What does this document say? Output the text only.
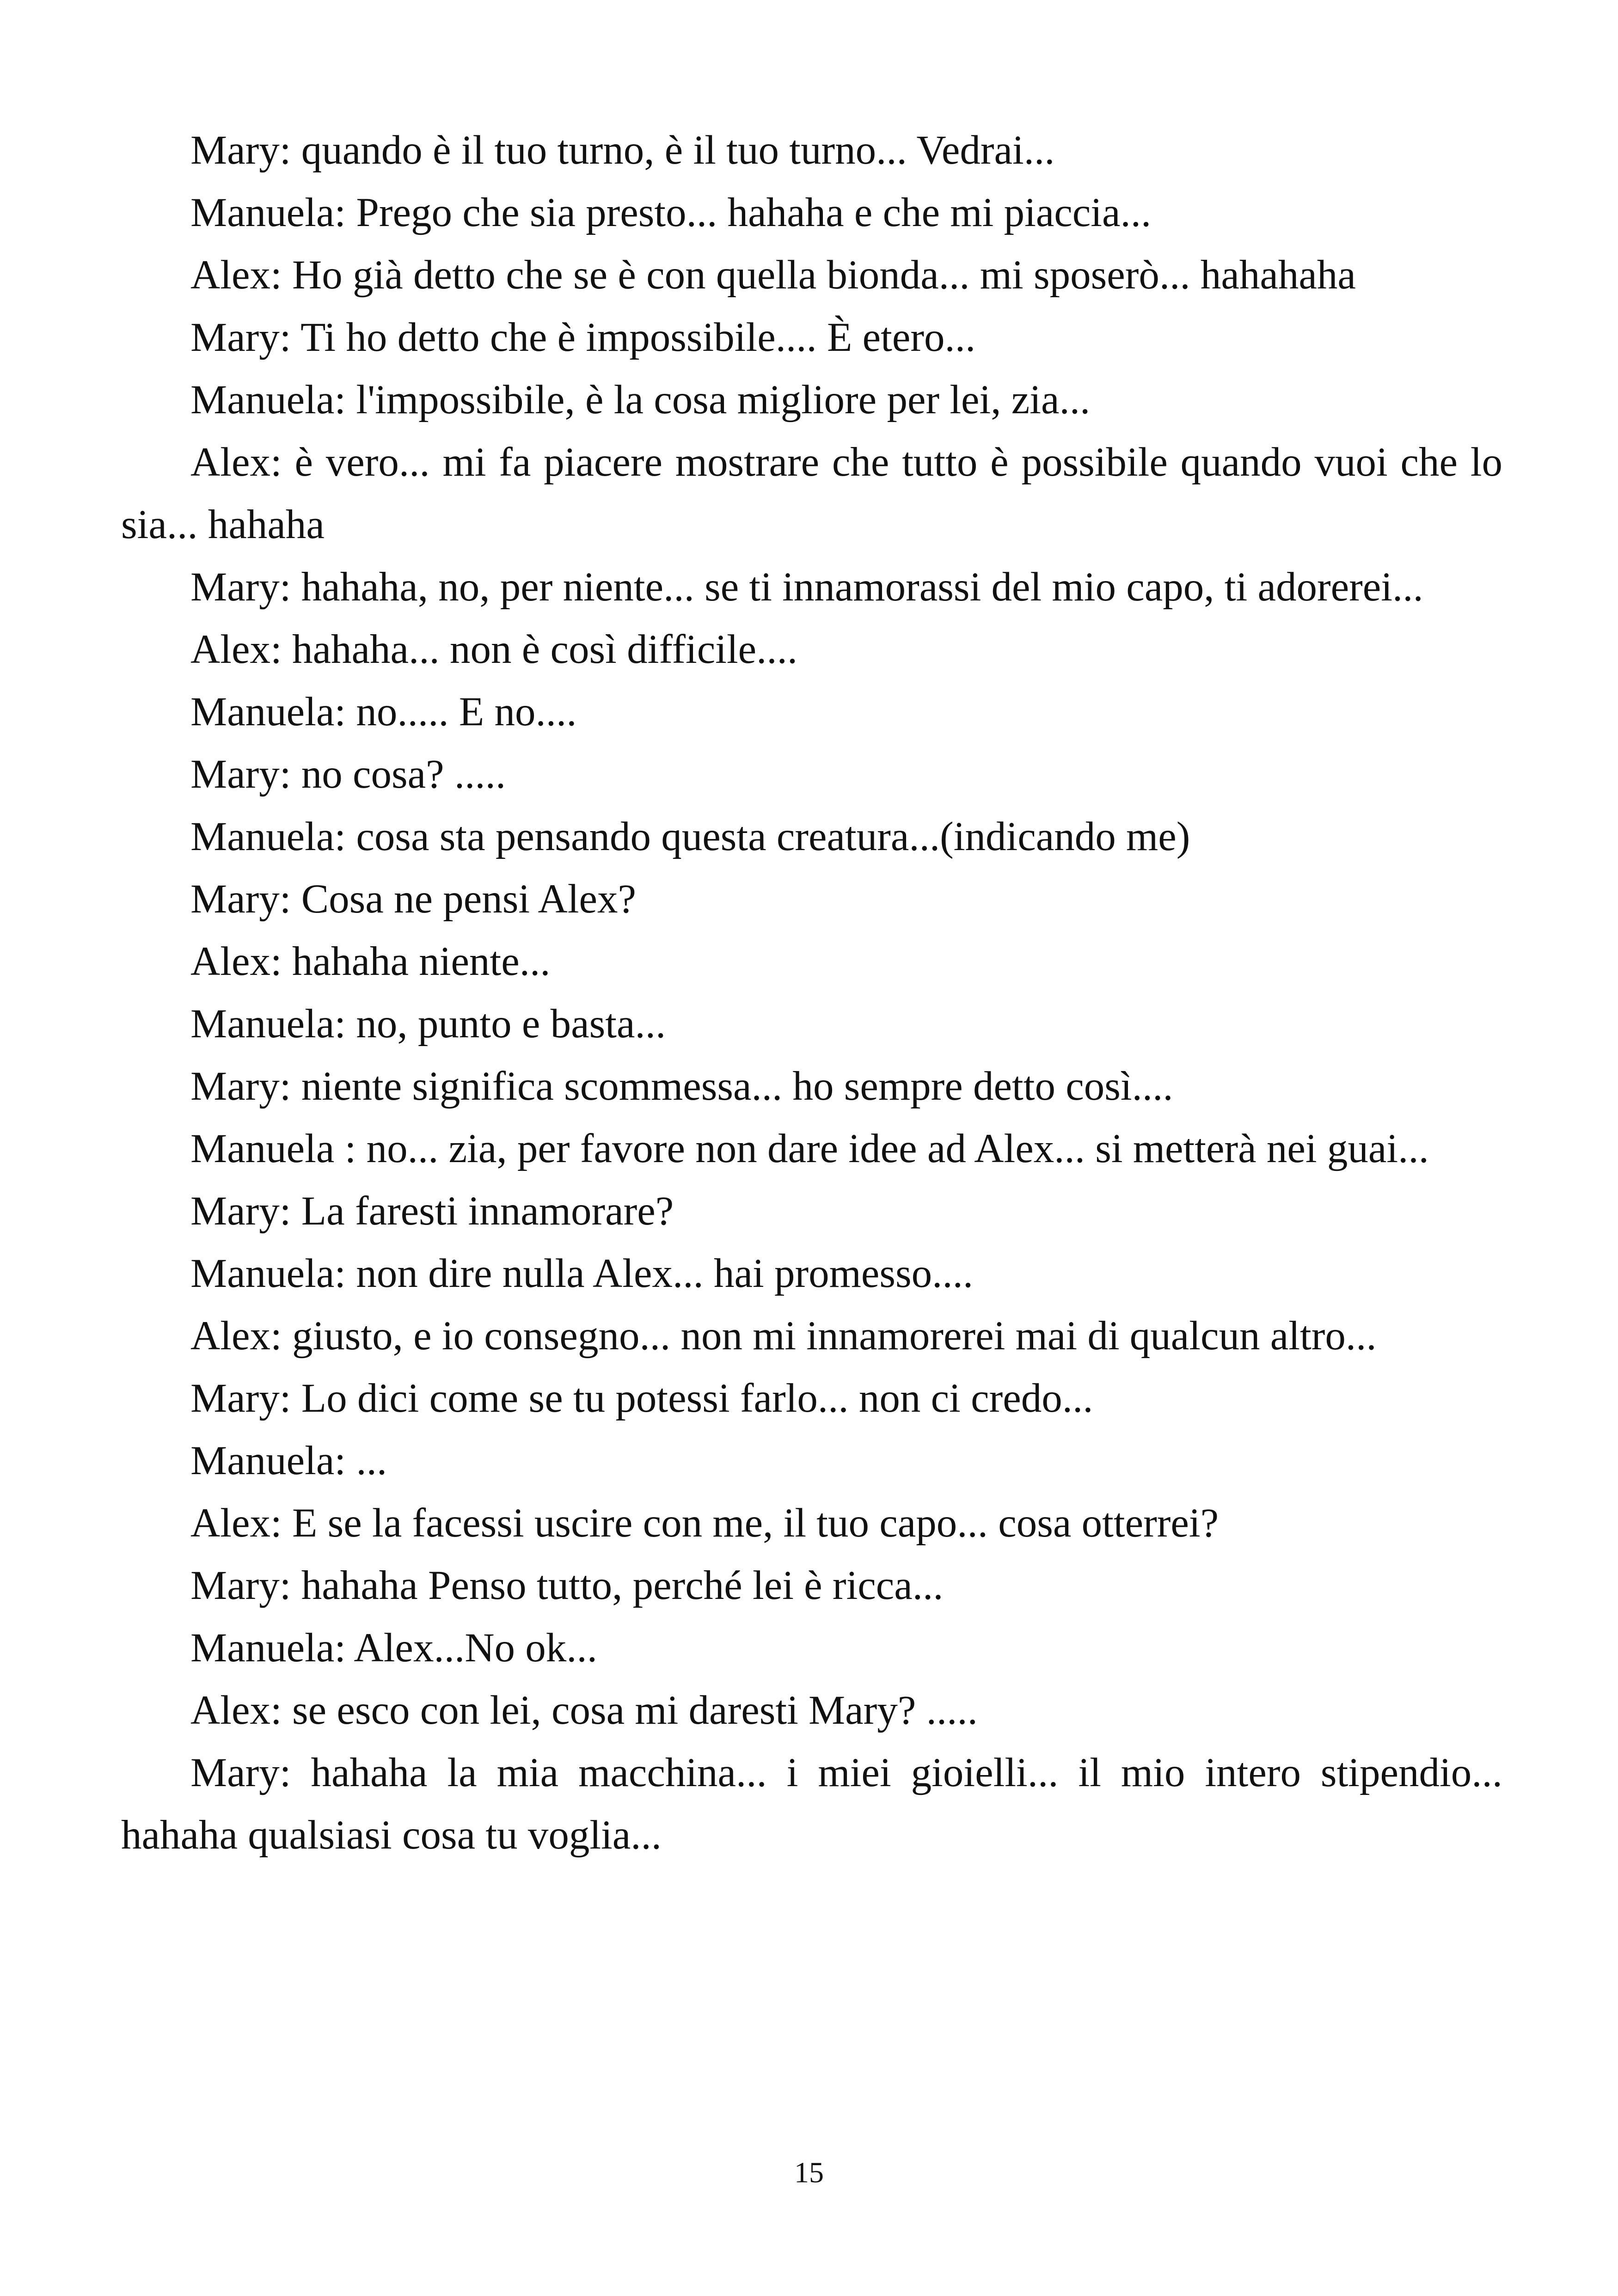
Mary: quando è il tuo turno, è il tuo turno... Vedrai...

Manuela: Prego che sia presto... hahaha e che mi piaccia...

Alex: Ho già detto che se è con quella bionda... mi sposerò... hahahaha

Mary: Ti ho detto che è impossibile.... È etero...

Manuela: l'impossibile, è la cosa migliore per lei, zia...

Alex: è vero... mi fa piacere mostrare che tutto è possibile quando vuoi che lo sia... hahaha

Mary: hahaha, no, per niente... se ti innamorassi del mio capo, ti adorerei...

Alex: hahaha... non è così difficile....

Manuela: no..... E no....

Mary: no cosa? .....

Manuela: cosa sta pensando questa creatura...(indicando me)

Mary: Cosa ne pensi Alex?

Alex: hahaha niente...

Manuela: no, punto e basta...

Mary: niente significa scommessa... ho sempre detto così....

Manuela : no... zia, per favore non dare idee ad Alex... si metterà nei guai...

Mary: La faresti innamorare?

Manuela: non dire nulla Alex... hai promesso....

Alex: giusto, e io consegno... non mi innamorerei mai di qualcun altro...

Mary: Lo dici come se tu potessi farlo... non ci credo...

Manuela: ...

Alex: E se la facessi uscire con me, il tuo capo... cosa otterrei?

Mary: hahaha Penso tutto, perché lei è ricca...

Manuela: Alex...No ok...

Alex: se esco con lei, cosa mi daresti Mary? .....

Mary: hahaha la mia macchina... i miei gioielli... il mio intero stipendio... hahaha qualsiasi cosa tu voglia...

15
